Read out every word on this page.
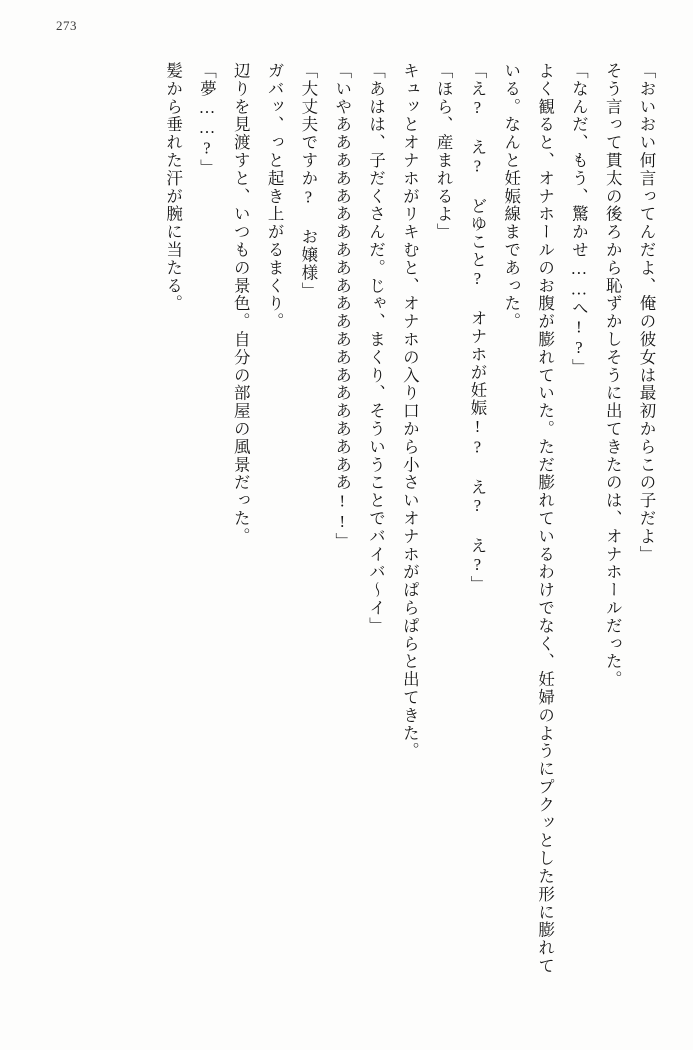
273

「おいおい何言ってんだよ、俺の彼女は最初からこの子だよ」

そう言って貫太の後ろから恥ずかしそうに出てきたのは、オナホールだった。

「なんだ、もう、驚かせ……へ!?」

よく観ると、オナホールのお腹が膨れていた。ただ膨れているわけでなく、妊婦のようにプクッとした形に膨れている。なんと妊娠線まであった。

「え? え? どゆこと? オナホが妊娠!? え? え?」

「ほら、産まれるよ」

キュッとオナホがリキむと、オナホの入り口から小さいオナホがぱらぱらと出てきた。

「あはは、子だくさんだ。じゃ、まくり、そういうことでバイバ〜イ」

「いやあああああああああああああああああああああ!!」

「大丈夫ですか? お嬢様」

ガバッ、っと起き上がるまくり。

辺りを見渡すと、いつもの景色。自分の部屋の風景だった。

「夢……?」

髪から垂れた汗が腕に当たる。
